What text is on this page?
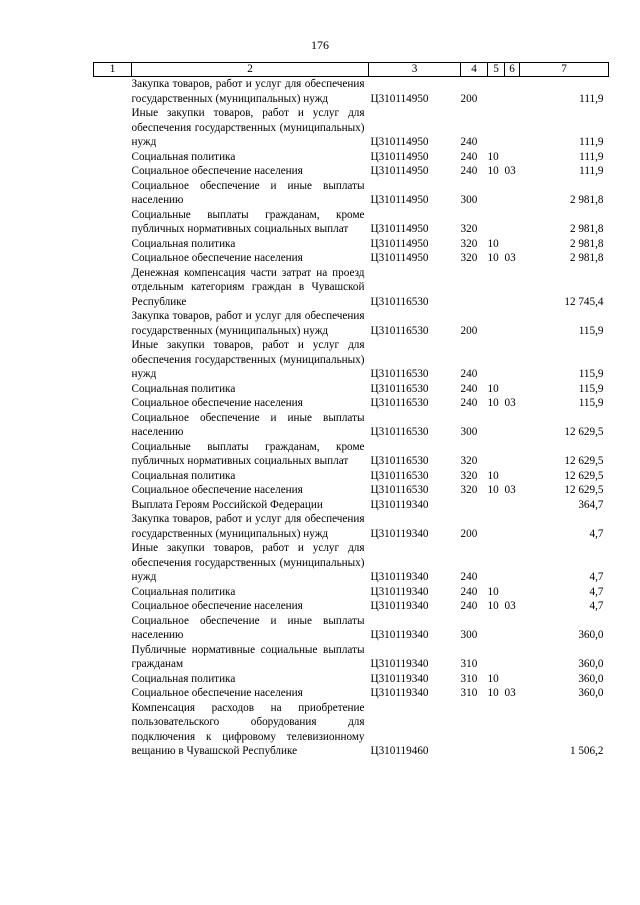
176
1	2	3	4	5	6	7
	Закупка товаров, работ и услуг для обеспечения государственных (муниципальных) нужд	Ц310114950	200			111,9
	Иные закупки товаров, работ и услуг для обеспечения государственных (муниципальных) нужд	Ц310114950	240			111,9
	Социальная политика	Ц310114950	240	10		111,9
	Социальное обеспечение населения	Ц310114950	240	10	03	111,9
	Социальное обеспечение и иные выплаты населению	Ц310114950	300			2 981,8
	Социальные выплаты гражданам, кроме публичных нормативных социальных выплат	Ц310114950	320			2 981,8
	Социальная политика	Ц310114950	320	10		2 981,8
	Социальное обеспечение населения	Ц310114950	320	10	03	2 981,8
	Денежная компенсация части затрат на проезд отдельным категориям граждан в Чувашской Республике	Ц310116530				12 745,4
	Закупка товаров, работ и услуг для обеспечения государственных (муниципальных) нужд	Ц310116530	200			115,9
	Иные закупки товаров, работ и услуг для обеспечения государственных (муниципальных) нужд	Ц310116530	240			115,9
	Социальная политика	Ц310116530	240	10		115,9
	Социальное обеспечение населения	Ц310116530	240	10	03	115,9
	Социальное обеспечение и иные выплаты населению	Ц310116530	300			12 629,5
	Социальные выплаты гражданам, кроме публичных нормативных социальных выплат	Ц310116530	320			12 629,5
	Социальная политика	Ц310116530	320	10		12 629,5
	Социальное обеспечение населения	Ц310116530	320	10	03	12 629,5
	Выплата Героям Российской Федерации	Ц310119340				364,7
	Закупка товаров, работ и услуг для обеспечения государственных (муниципальных) нужд	Ц310119340	200			4,7
	Иные закупки товаров, работ и услуг для обеспечения государственных (муниципальных) нужд	Ц310119340	240			4,7
	Социальная политика	Ц310119340	240	10		4,7
	Социальное обеспечение населения	Ц310119340	240	10	03	4,7
	Социальное обеспечение и иные выплаты населению	Ц310119340	300			360,0
	Публичные нормативные социальные выплаты гражданам	Ц310119340	310			360,0
	Социальная политика	Ц310119340	310	10		360,0
	Социальное обеспечение населения	Ц310119340	310	10	03	360,0
	Компенсация расходов на приобретение пользовательского оборудования для подключения к цифровому телевизионному вещанию в Чувашской Республике	Ц310119460				1 506,2
